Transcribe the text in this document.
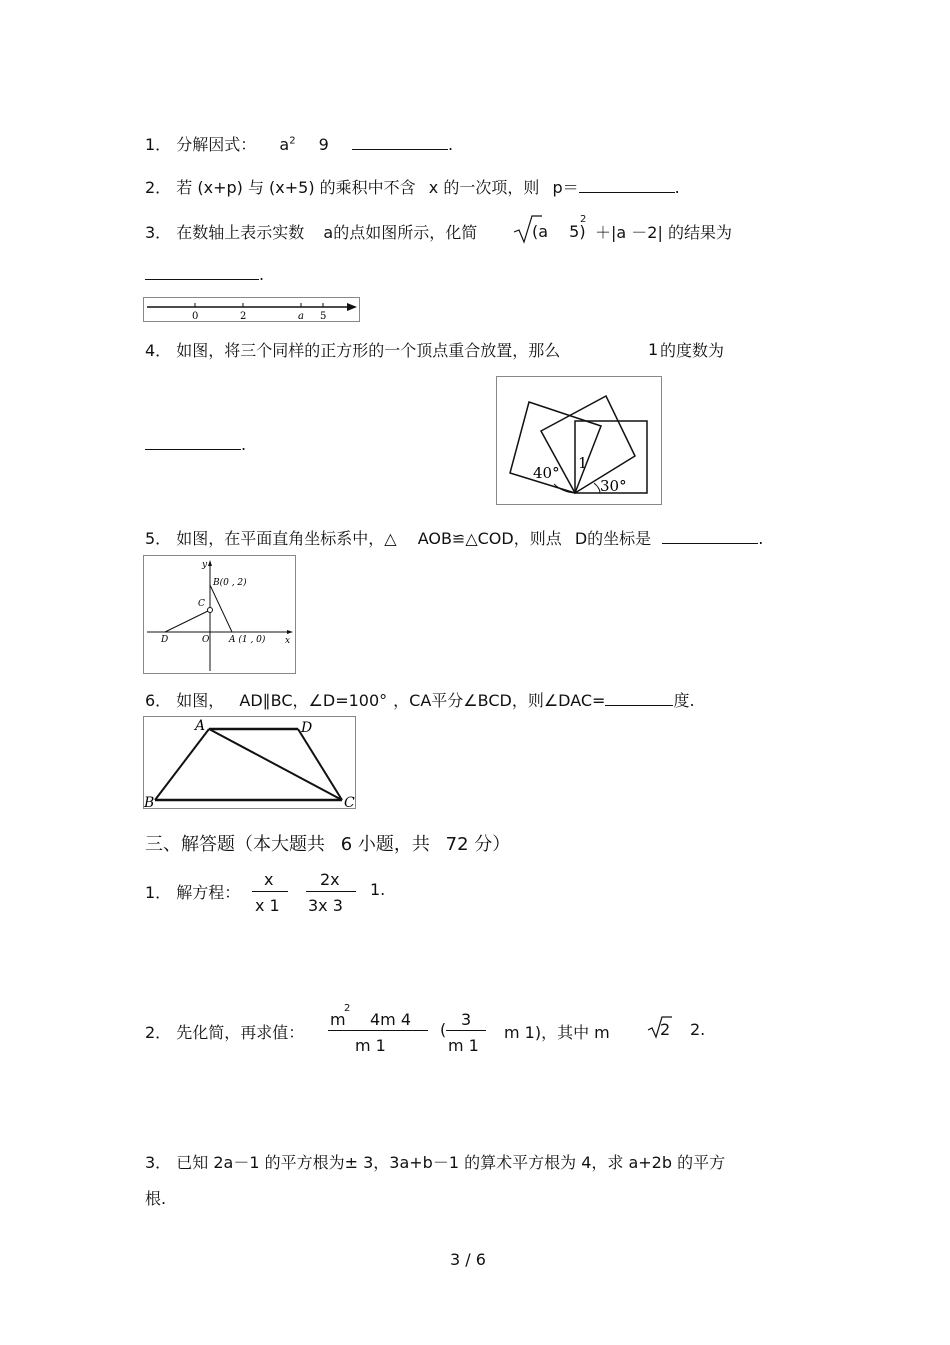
1． 分解因式： $a^2$ 9	.
2． 若 (x+p) 与 (x+5) 的乘积中不含 x 的一次项，则 p＝	.
3． 在数轴上表示实数 a的点如图所示，化简	(a 5)
2
＋|a －2| 的结果为
.
0	2	a 5
4． 如图，将三个同样的正方形的一个顶点重合放置，那么	1 的度数为
.
40°
1
30°
5． 如图，在平面直角坐标系中，△ AOB≌△COD，则点 D的坐标是	.
y
x
B(0 , 2)
C
D	O A (1 , 0)
6． 如图， AD∥BC，∠D=100° ，CA平分∠BCD，则∠DAC=	度.
A	D
B	C
三、解答题（本大题共 6 小题，共 72 分）
1． 解方程：
x
x 1
2x
3x 3
1.
2． 先化简，再求值：
m
2
4m 4
m 1
(
3
m 1
m 1)，其中 m	2 2.
3． 已知 2a－1 的平方根为± 3，3a+b－1 的算术平方根为 4，求 a+2b 的平方
根.
3 / 6
